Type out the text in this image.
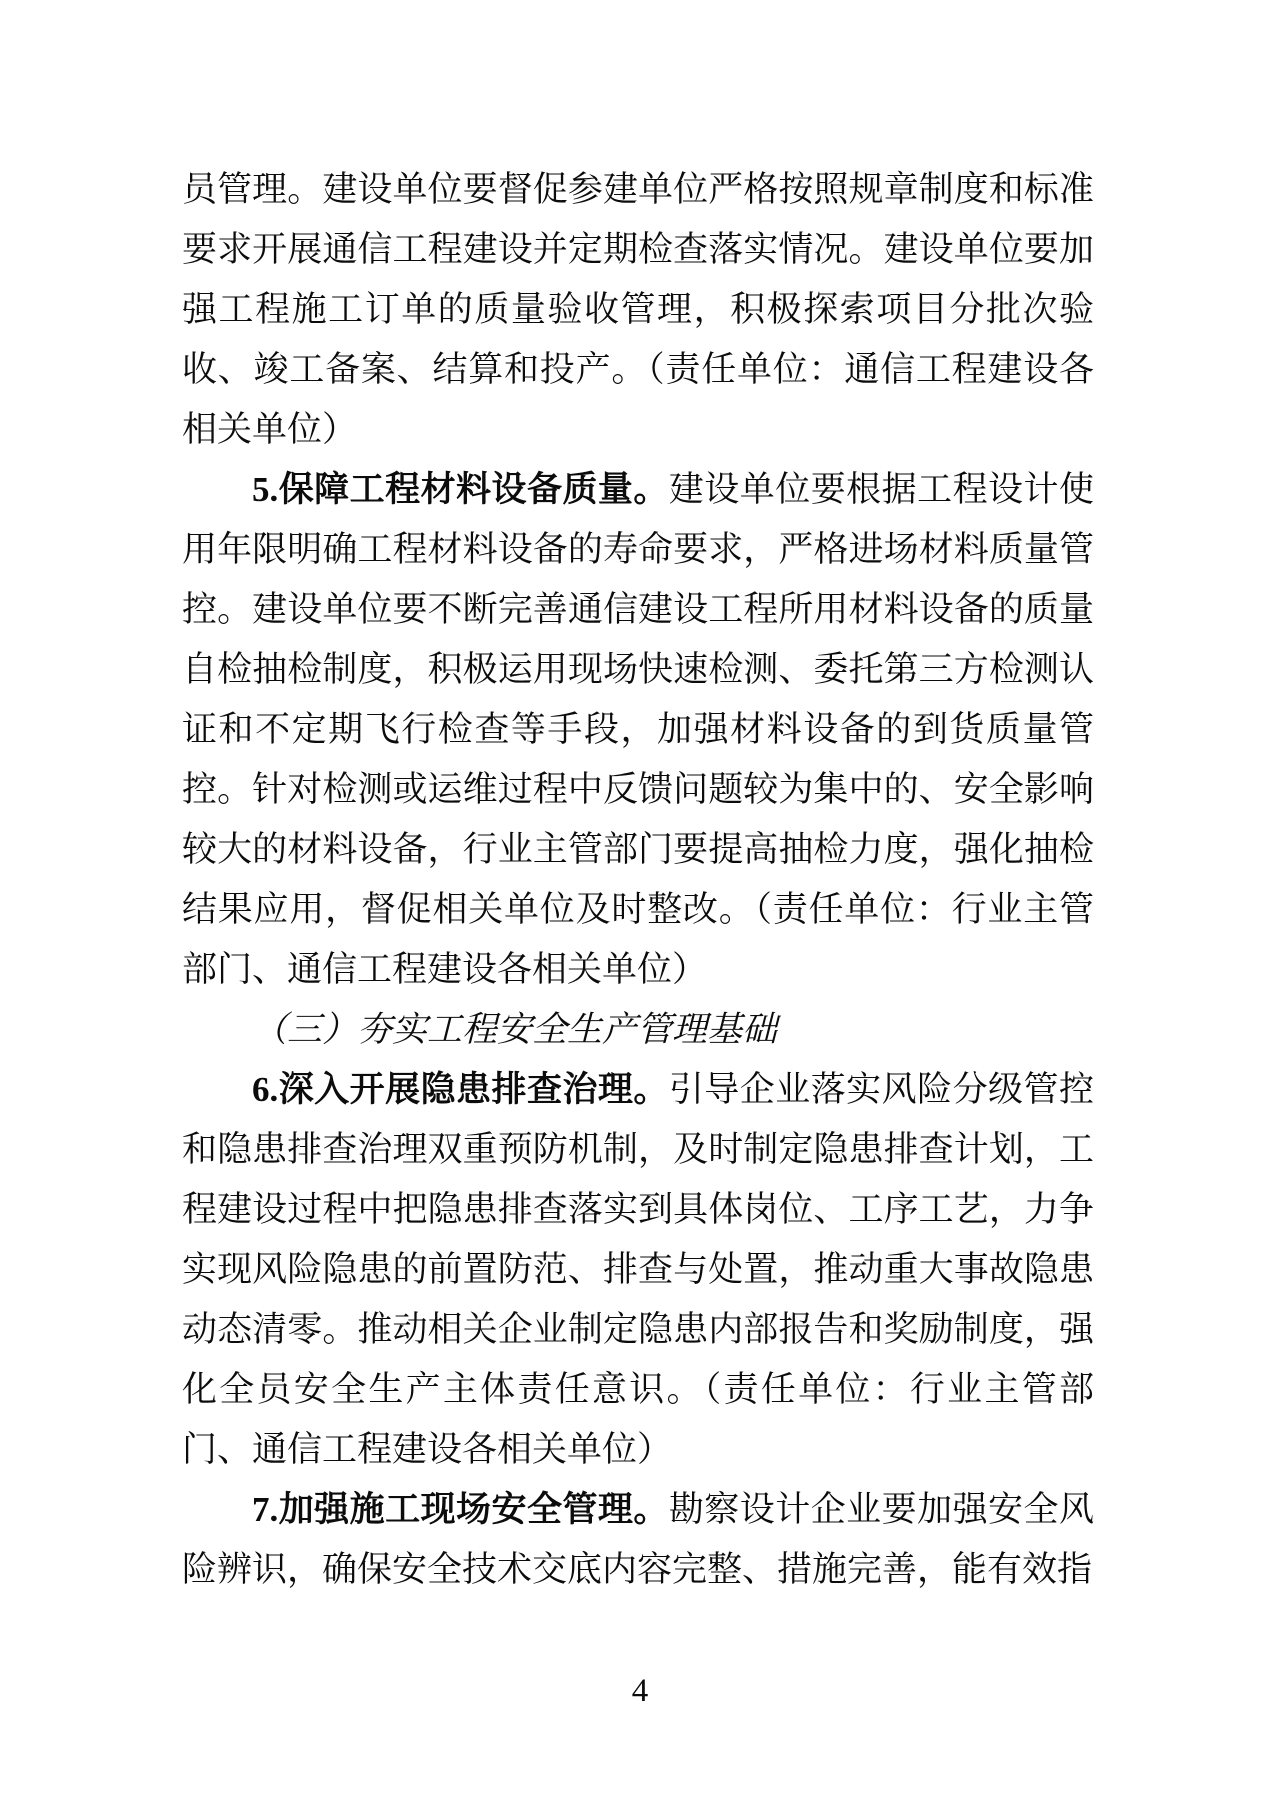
员管理。建设单位要督促参建单位严格按照规章制度和标准要求开展通信工程建设并定期检查落实情况。建设单位要加强工程施工订单的质量验收管理，积极探索项目分批次验收、竣工备案、结算和投产。（责任单位：通信工程建设各相关单位）

5.保障工程材料设备质量。建设单位要根据工程设计使用年限明确工程材料设备的寿命要求，严格进场材料质量管控。建设单位要不断完善通信建设工程所用材料设备的质量自检抽检制度，积极运用现场快速检测、委托第三方检测认证和不定期飞行检查等手段，加强材料设备的到货质量管控。针对检测或运维过程中反馈问题较为集中的、安全影响较大的材料设备，行业主管部门要提高抽检力度，强化抽检结果应用，督促相关单位及时整改。（责任单位：行业主管部门、通信工程建设各相关单位）

（三）夯实工程安全生产管理基础

6.深入开展隐患排查治理。引导企业落实风险分级管控和隐患排查治理双重预防机制，及时制定隐患排查计划，工程建设过程中把隐患排查落实到具体岗位、工序工艺，力争实现风险隐患的前置防范、排查与处置，推动重大事故隐患动态清零。推动相关企业制定隐患内部报告和奖励制度，强化全员安全生产主体责任意识。（责任单位：行业主管部门、通信工程建设各相关单位）

7.加强施工现场安全管理。勘察设计企业要加强安全风险辨识，确保安全技术交底内容完整、措施完善，能有效指

4
